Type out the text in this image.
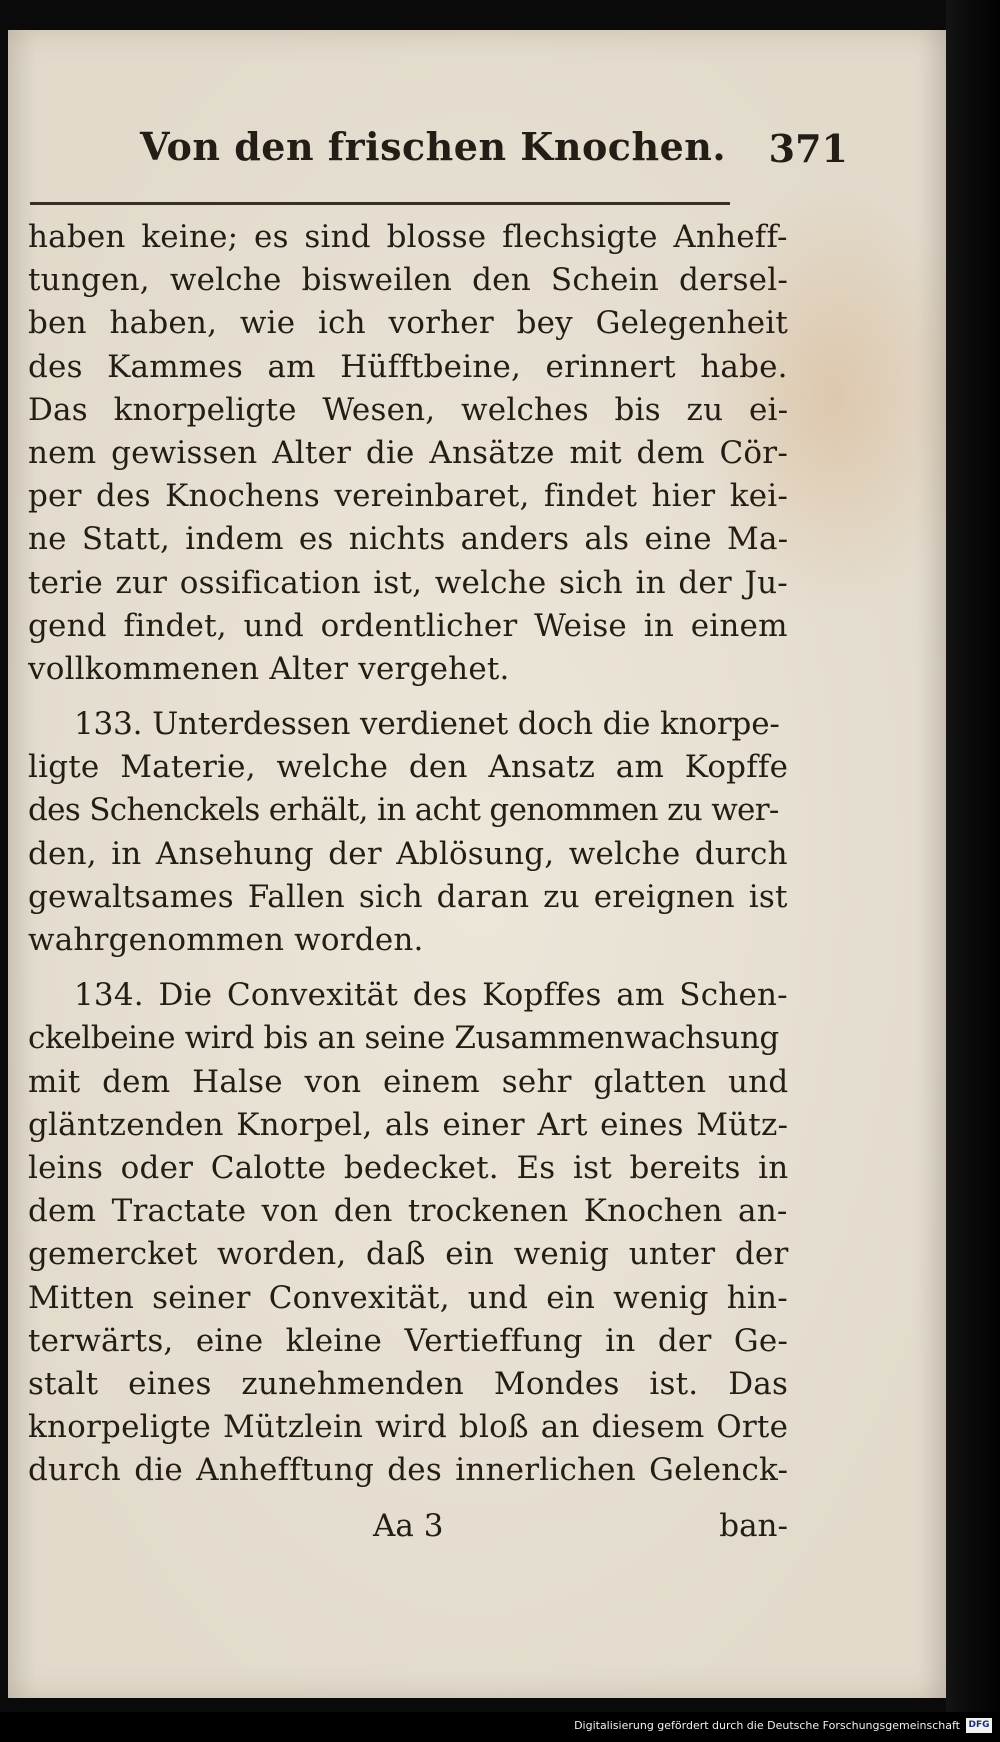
Von den frischen Knochen. 371
haben keine; es sind blosse flechsigte Anheff-
tungen, welche bisweilen den Schein dersel-
ben haben, wie ich vorher bey Gelegenheit
des Kammes am Hüfftbeine, erinnert habe.
Das knorpeligte Wesen, welches bis zu ei-
nem gewissen Alter die Ansätze mit dem Cör-
per des Knochens vereinbaret, findet hier kei-
ne Statt, indem es nichts anders als eine Ma-
terie zur ossification ist, welche sich in der Ju-
gend findet, und ordentlicher Weise in einem
vollkommenen Alter vergehet.
133. Unterdessen verdienet doch die knorpe-
ligte Materie, welche den Ansatz am Kopffe
des Schenckels erhält, in acht genommen zu wer-
den, in Ansehung der Ablösung, welche durch
gewaltsames Fallen sich daran zu ereignen ist
wahrgenommen worden.
134. Die Convexität des Kopffes am Schen-
ckelbeine wird bis an seine Zusammenwachsung
mit dem Halse von einem sehr glatten und
gläntzenden Knorpel, als einer Art eines Mütz-
leins oder Calotte bedecket. Es ist bereits in
dem Tractate von den trockenen Knochen an-
gemercket worden, daß ein wenig unter der
Mitten seiner Convexität, und ein wenig hin-
terwärts, eine kleine Vertieffung in der Ge-
stalt eines zunehmenden Mondes ist. Das
knorpeligte Mützlein wird bloß an diesem Orte
durch die Anhefftung des innerlichen Gelenck-
Aa 3	ban-
Digitalisierung gefördert durch die Deutsche Forschungsgemeinschaft DFG
